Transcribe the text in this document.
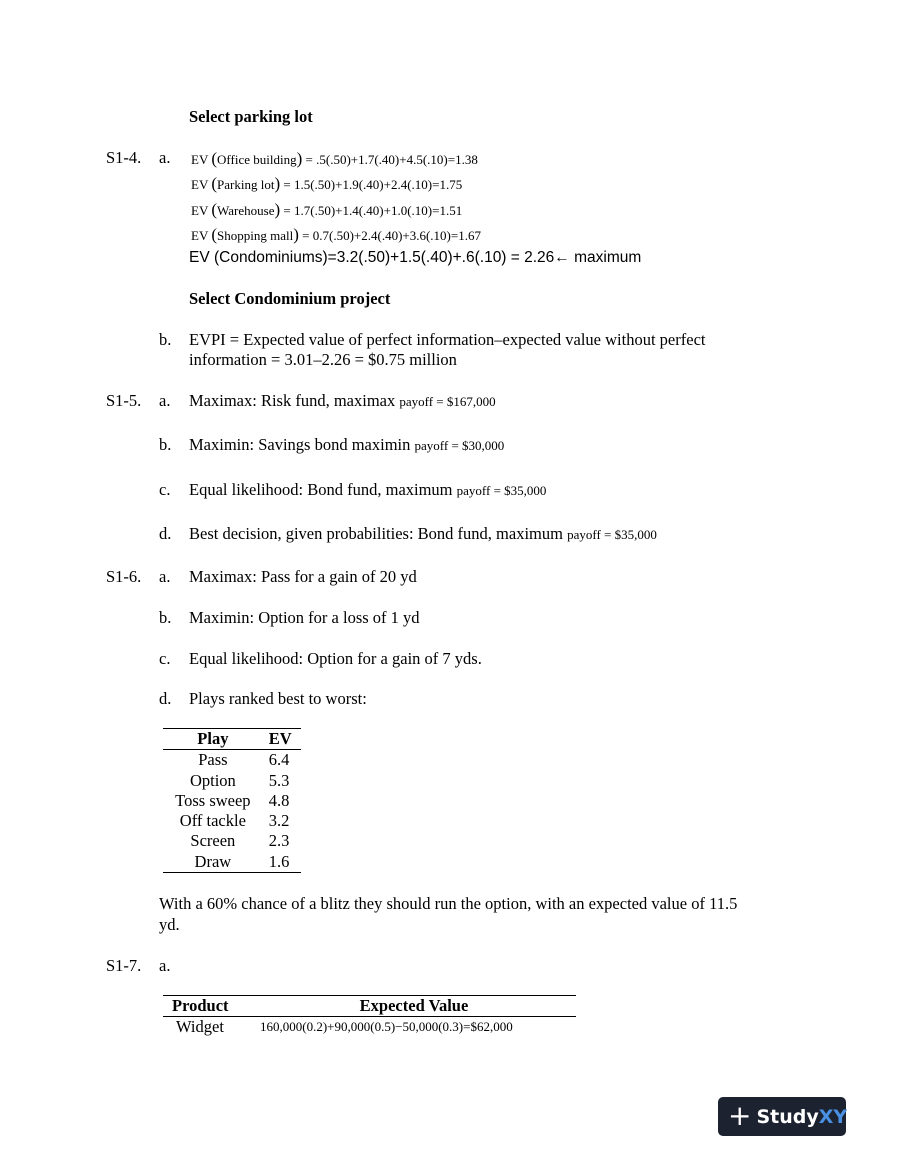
Select parking lot
S1-4. a. EV (Office building) = .5(.50)+1.7(.40)+4.5(.10)=1.38
EV (Parking lot) = 1.5(.50)+1.9(.40)+2.4(.10)=1.75
EV (Warehouse) = 1.7(.50)+1.4(.40)+1.0(.10)=1.51
EV (Shopping mall) = 0.7(.50)+2.4(.40)+3.6(.10)=1.67
EV (Condominiums)=3.2(.50)+1.5(.40)+.6(.10) = 2.26← maximum
Select Condominium project
b. EVPI = Expected value of perfect information–expected value without perfect
information = 3.01–2.26 = $0.75 million
S1-5. a. Maximax: Risk fund, maximax payoff = $167,000
b. Maximin: Savings bond maximin payoff = $30,000
c. Equal likelihood: Bond fund, maximum payoff = $35,000
d. Best decision, given probabilities: Bond fund, maximum payoff = $35,000
S1-6. a. Maximax: Pass for a gain of 20 yd
b. Maximin: Option for a loss of 1 yd
c. Equal likelihood: Option for a gain of 7 yds.
d. Plays ranked best to worst:
Play	EV
Pass	6.4
Option	5.3
Toss sweep	4.8
Off tackle	3.2
Screen	2.3
Draw	1.6
With a 60% chance of a blitz they should run the option, with an expected value of 11.5
yd.
S1-7. a.
Product	Expected Value
Widget	160,000(0.2)+90,000(0.5)−50,000(0.3)=$62,000
+ StudyXY
